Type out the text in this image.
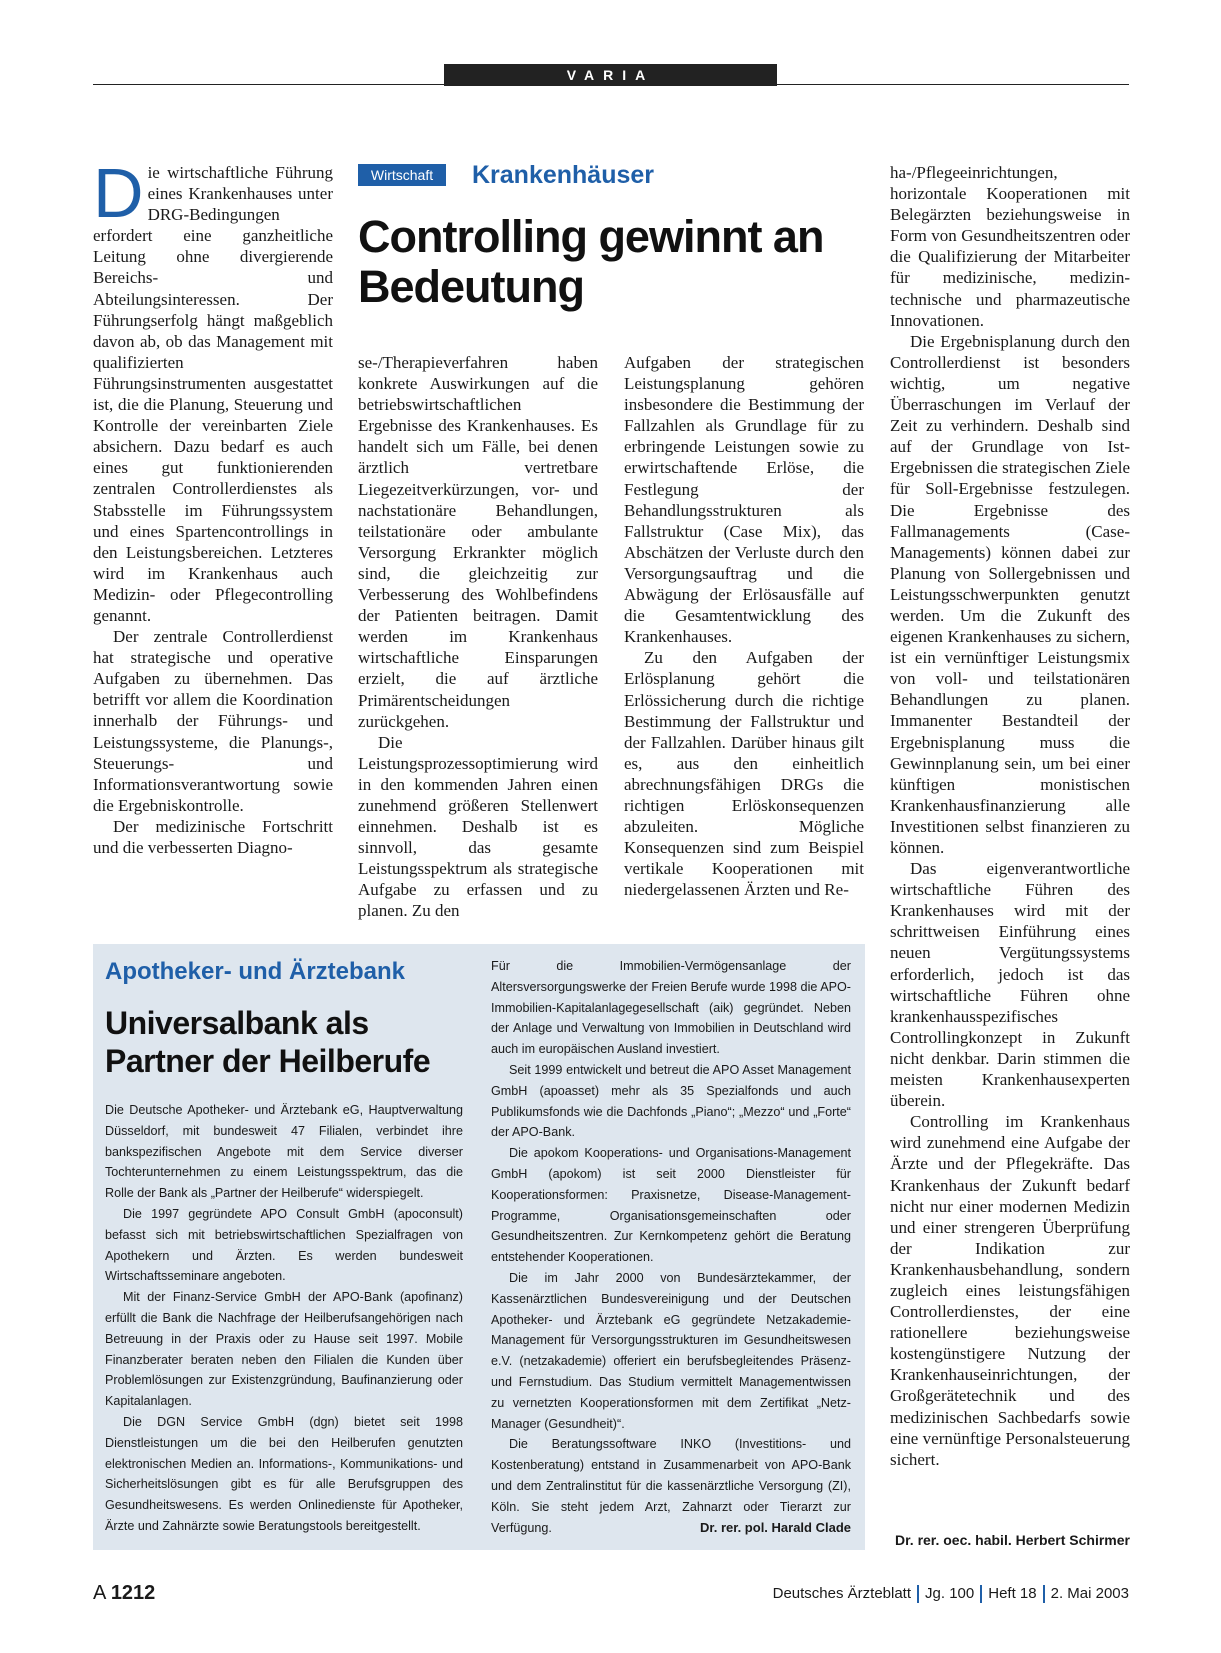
VARIA
Wirtschaft	Krankenhäuser
Controlling gewinnt an Bedeutung

Die wirtschaftliche Führung eines Krankenhauses unter DRG-Bedingungen erfordert eine ganzheitliche Leitung ohne divergierende Bereichs- und Abteilungsinteressen. Der Führungserfolg hängt maßgeblich davon ab, ob das Management mit qualifizierten Führungsinstrumenten ausgestattet ist, die die Planung, Steuerung und Kontrolle der vereinbarten Ziele absichern. Dazu bedarf es auch eines gut funktionierenden zentralen Controllerdienstes als Stabsstelle im Führungssystem und eines Spartencontrollings in den Leistungsbereichen. Letzteres wird im Krankenhaus auch Medizin- oder Pflegecontrolling genannt.

Der zentrale Controllerdienst hat strategische und operative Aufgaben zu übernehmen. Das betrifft vor allem die Koordination innerhalb der Führungs- und Leistungssysteme, die Planungs-, Steuerungs- und Informationsverantwortung sowie die Ergebniskontrolle.

Der medizinische Fortschritt und die verbesserten Diagno-

se-/Therapieverfahren haben konkrete Auswirkungen auf die betriebswirtschaftlichen Ergebnisse des Krankenhauses. Es handelt sich um Fälle, bei denen ärztlich vertretbare Liegezeitverkürzungen, vor- und nachstationäre Behandlungen, teilstationäre oder ambulante Versorgung Erkrankter möglich sind, die gleichzeitig zur Verbesserung des Wohlbefindens der Patienten beitragen. Damit werden im Krankenhaus wirtschaftliche Einsparungen erzielt, die auf ärztliche Primärentscheidungen zurückgehen.

Die Leistungsprozessoptimierung wird in den kommenden Jahren einen zunehmend größeren Stellenwert einnehmen. Deshalb ist es sinnvoll, das gesamte Leistungsspektrum als strategische Aufgabe zu erfassen und zu planen. Zu den

Aufgaben der strategischen Leistungsplanung gehören insbesondere die Bestimmung der Fallzahlen als Grundlage für zu erbringende Leistungen sowie zu erwirtschaftende Erlöse, die Festlegung der Behandlungsstrukturen als Fallstruktur (Case Mix), das Abschätzen der Verluste durch den Versorgungsauftrag und die Abwägung der Erlösausfälle auf die Gesamtentwicklung des Krankenhauses.

Zu den Aufgaben der Erlösplanung gehört die Erlössicherung durch die richtige Bestimmung der Fallstruktur und der Fallzahlen. Darüber hinaus gilt es, aus den einheitlich abrechnungsfähigen DRGs die richtigen Erlöskonsequenzen abzuleiten. Mögliche Konsequenzen sind zum Beispiel vertikale Kooperationen mit niedergelassenen Ärzten und Re-

ha-/Pflegeeinrichtungen, horizontale Kooperationen mit Belegärzten beziehungsweise in Form von Gesundheitszentren oder die Qualifizierung der Mitarbeiter für medizinische, medizin-technische und pharmazeutische Innovationen.

Die Ergebnisplanung durch den Controllerdienst ist besonders wichtig, um negative Überraschungen im Verlauf der Zeit zu verhindern. Deshalb sind auf der Grundlage von Ist-Ergebnissen die strategischen Ziele für Soll-Ergebnisse festzulegen. Die Ergebnisse des Fallmanagements (Case-Managements) können dabei zur Planung von Sollergebnissen und Leistungsschwerpunkten genutzt werden. Um die Zukunft des eigenen Krankenhauses zu sichern, ist ein vernünftiger Leistungsmix von voll- und teilstationären Behandlungen zu planen. Immanenter Bestandteil der Ergebnisplanung muss die Gewinnplanung sein, um bei einer künftigen monistischen Krankenhausfinanzierung alle Investitionen selbst finanzieren zu können.

Das eigenverantwortliche wirtschaftliche Führen des Krankenhauses wird mit der schrittweisen Einführung eines neuen Vergütungssystems erforderlich, jedoch ist das wirtschaftliche Führen ohne krankenhausspezifisches Controllingkonzept in Zukunft nicht denkbar. Darin stimmen die meisten Krankenhausexperten überein.

Controlling im Krankenhaus wird zunehmend eine Aufgabe der Ärzte und der Pflegekräfte. Das Krankenhaus der Zukunft bedarf nicht nur einer modernen Medizin und einer strengeren Überprüfung der Indikation zur Krankenhausbehandlung, sondern zugleich eines leistungsfähigen Controllerdienstes, der eine rationellere beziehungsweise kostengünstigere Nutzung der Krankenhauseinrichtungen, der Großgerätetechnik und des medizinischen Sachbedarfs sowie eine vernünftige Personalsteuerung sichert.

Dr. rer. oec. habil. Herbert Schirmer
Apotheker- und Ärztebank
Universalbank als Partner der Heilberufe

Die Deutsche Apotheker- und Ärztebank eG, Hauptverwaltung Düsseldorf, mit bundesweit 47 Filialen, verbindet ihre bankspezifischen Angebote mit dem Service diverser Tochterunternehmen zu einem Leistungsspektrum, das die Rolle der Bank als „Partner der Heilberufe“ widerspiegelt.

Die 1997 gegründete APO Consult GmbH (apoconsult) befasst sich mit betriebswirtschaftlichen Spezialfragen von Apothekern und Ärzten. Es werden bundesweit Wirtschaftsseminare angeboten.

Mit der Finanz-Service GmbH der APO-Bank (apofinanz) erfüllt die Bank die Nachfrage der Heilberufsangehörigen nach Betreuung in der Praxis oder zu Hause seit 1997. Mobile Finanzberater beraten neben den Filialen die Kunden über Problemlösungen zur Existenzgründung, Baufinanzierung oder Kapitalanlagen.

Die DGN Service GmbH (dgn) bietet seit 1998 Dienstleistungen um die bei den Heilberufen genutzten elektronischen Medien an. Informations-, Kommunikations- und Sicherheitslösungen gibt es für alle Berufsgruppen des Gesundheitswesens. Es werden Onlinedienste für Apotheker, Ärzte und Zahnärzte sowie Beratungstools bereitgestellt.

Für die Immobilien-Vermögensanlage der Altersversorgungswerke der Freien Berufe wurde 1998 die APO-Immobilien-Kapitalanlagegesellschaft (aik) gegründet. Neben der Anlage und Verwaltung von Immobilien in Deutschland wird auch im europäischen Ausland investiert.

Seit 1999 entwickelt und betreut die APO Asset Management GmbH (apoasset) mehr als 35 Spezialfonds und auch Publikumsfonds wie die Dachfonds „Piano“; „Mezzo“ und „Forte“ der APO-Bank.

Die apokom Kooperations- und Organisations-Management GmbH (apokom) ist seit 2000 Dienstleister für Kooperationsformen: Praxisnetze, Disease-Management-Programme, Organisationsgemeinschaften oder Gesundheitszentren. Zur Kernkompetenz gehört die Beratung entstehender Kooperationen.

Die im Jahr 2000 von Bundesärztekammer, der Kassenärztlichen Bundesvereinigung und der Deutschen Apotheker- und Ärztebank eG gegründete Netzakademie-Management für Versorgungsstrukturen im Gesundheitswesen e.V. (netzakademie) offeriert ein berufsbegleitendes Präsenz- und Fernstudium. Das Studium vermittelt Managementwissen zu vernetzten Kooperationsformen mit dem Zertifikat „Netz-Manager (Gesundheit)“.

Die Beratungssoftware INKO (Investitions- und Kostenberatung) entstand in Zusammenarbeit von APO-Bank und dem Zentralinstitut für die kassenärztliche Versorgung (ZI), Köln. Sie steht jedem Arzt, Zahnarzt oder Tierarzt zur Verfügung.	Dr. rer. pol. Harald Clade

A 1212	Deutsches Ärzteblatt Jg. 100 Heft 18 2. Mai 2003
